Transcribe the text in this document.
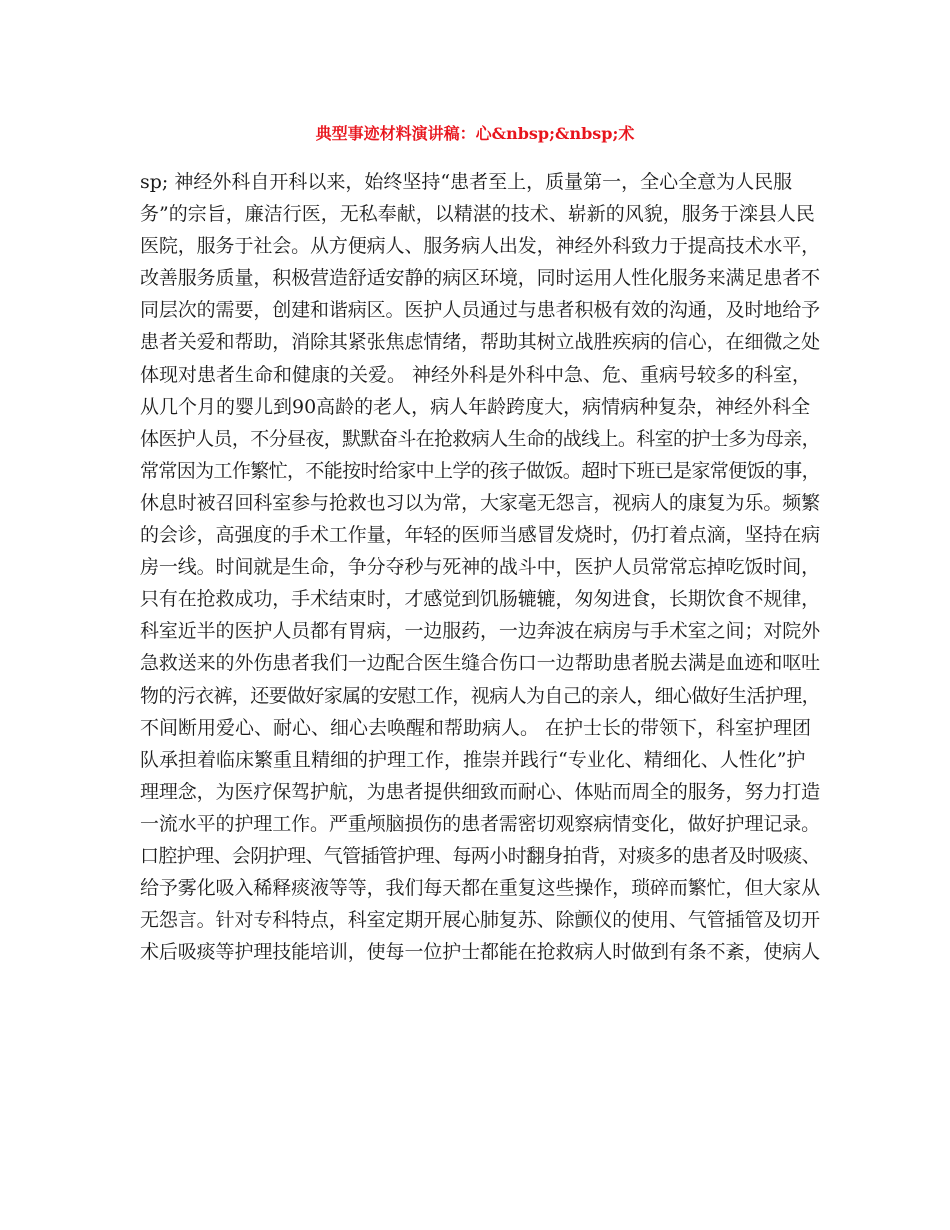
典型事迹材料演讲稿：心&nbsp;&nbsp;术
sp; 神经外科自开科以来，始终坚持“患者至上，质量第一，全心全意为人民服
务”的宗旨，廉洁行医，无私奉献，以精湛的技术、崭新的风貌，服务于滦县人民
医院，服务于社会。从方便病人、服务病人出发，神经外科致力于提高技术水平，
改善服务质量，积极营造舒适安静的病区环境，同时运用人性化服务来满足患者不
同层次的需要，创建和谐病区。医护人员通过与患者积极有效的沟通，及时地给予
患者关爱和帮助，消除其紧张焦虑情绪，帮助其树立战胜疾病的信心，在细微之处
体现对患者生命和健康的关爱。 神经外科是外科中急、危、重病号较多的科室，
从几个月的婴儿到90高龄的老人，病人年龄跨度大，病情病种复杂，神经外科全
体医护人员，不分昼夜，默默奋斗在抢救病人生命的战线上。科室的护士多为母亲，
常常因为工作繁忙，不能按时给家中上学的孩子做饭。超时下班已是家常便饭的事，
休息时被召回科室参与抢救也习以为常，大家毫无怨言，视病人的康复为乐。频繁
的会诊，高强度的手术工作量，年轻的医师当感冒发烧时，仍打着点滴，坚持在病
房一线。时间就是生命，争分夺秒与死神的战斗中，医护人员常常忘掉吃饭时间，
只有在抢救成功，手术结束时，才感觉到饥肠辘辘，匆匆进食，长期饮食不规律，
科室近半的医护人员都有胃病，一边服药，一边奔波在病房与手术室之间；对院外
急救送来的外伤患者我们一边配合医生缝合伤口一边帮助患者脱去满是血迹和呕吐
物的污衣裤，还要做好家属的安慰工作，视病人为自己的亲人，细心做好生活护理，
不间断用爱心、耐心、细心去唤醒和帮助病人。 在护士长的带领下，科室护理团
队承担着临床繁重且精细的护理工作，推崇并践行“专业化、精细化、人性化”护
理理念，为医疗保驾护航，为患者提供细致而耐心、体贴而周全的服务，努力打造
一流水平的护理工作。严重颅脑损伤的患者需密切观察病情变化，做好护理记录。
口腔护理、会阴护理、气管插管护理、每两小时翻身拍背，对痰多的患者及时吸痰、
给予雾化吸入稀释痰液等等，我们每天都在重复这些操作，琐碎而繁忙，但大家从
无怨言。针对专科特点，科室定期开展心肺复苏、除颤仪的使用、气管插管及切开
术后吸痰等护理技能培训，使每一位护士都能在抢救病人时做到有条不紊，使病人
